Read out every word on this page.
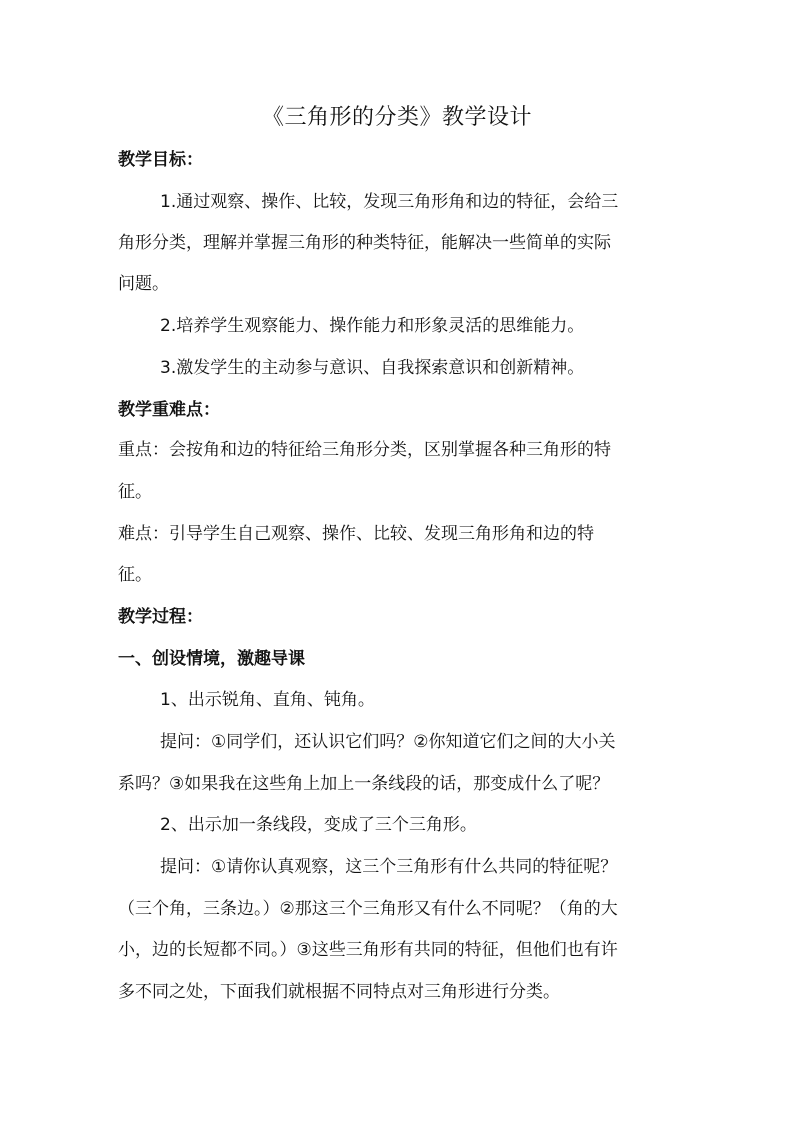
《三角形的分类》教学设计

教学目标：

1.通过观察、操作、比较，发现三角形角和边的特征，会给三

角形分类，理解并掌握三角形的种类特征，能解决一些简单的实际

问题。

2.培养学生观察能力、操作能力和形象灵活的思维能力。

3.激发学生的主动参与意识、自我探索意识和创新精神。

教学重难点：

重点：会按角和边的特征给三角形分类，区别掌握各种三角形的特

征。

难点：引导学生自己观察、操作、比较、发现三角形角和边的特

征。

教学过程：

一、创设情境，激趣导课

1、出示锐角、直角、钝角。

提问：①同学们，还认识它们吗？②你知道它们之间的大小关

系吗？③如果我在这些角上加上一条线段的话，那变成什么了呢？

2、出示加一条线段，变成了三个三角形。

提问：①请你认真观察，这三个三角形有什么共同的特征呢？

（三个角，三条边。）②那这三个三角形又有什么不同呢？（角的大

小，边的长短都不同。）③这些三角形有共同的特征，但他们也有许

多不同之处，下面我们就根据不同特点对三角形进行分类。
